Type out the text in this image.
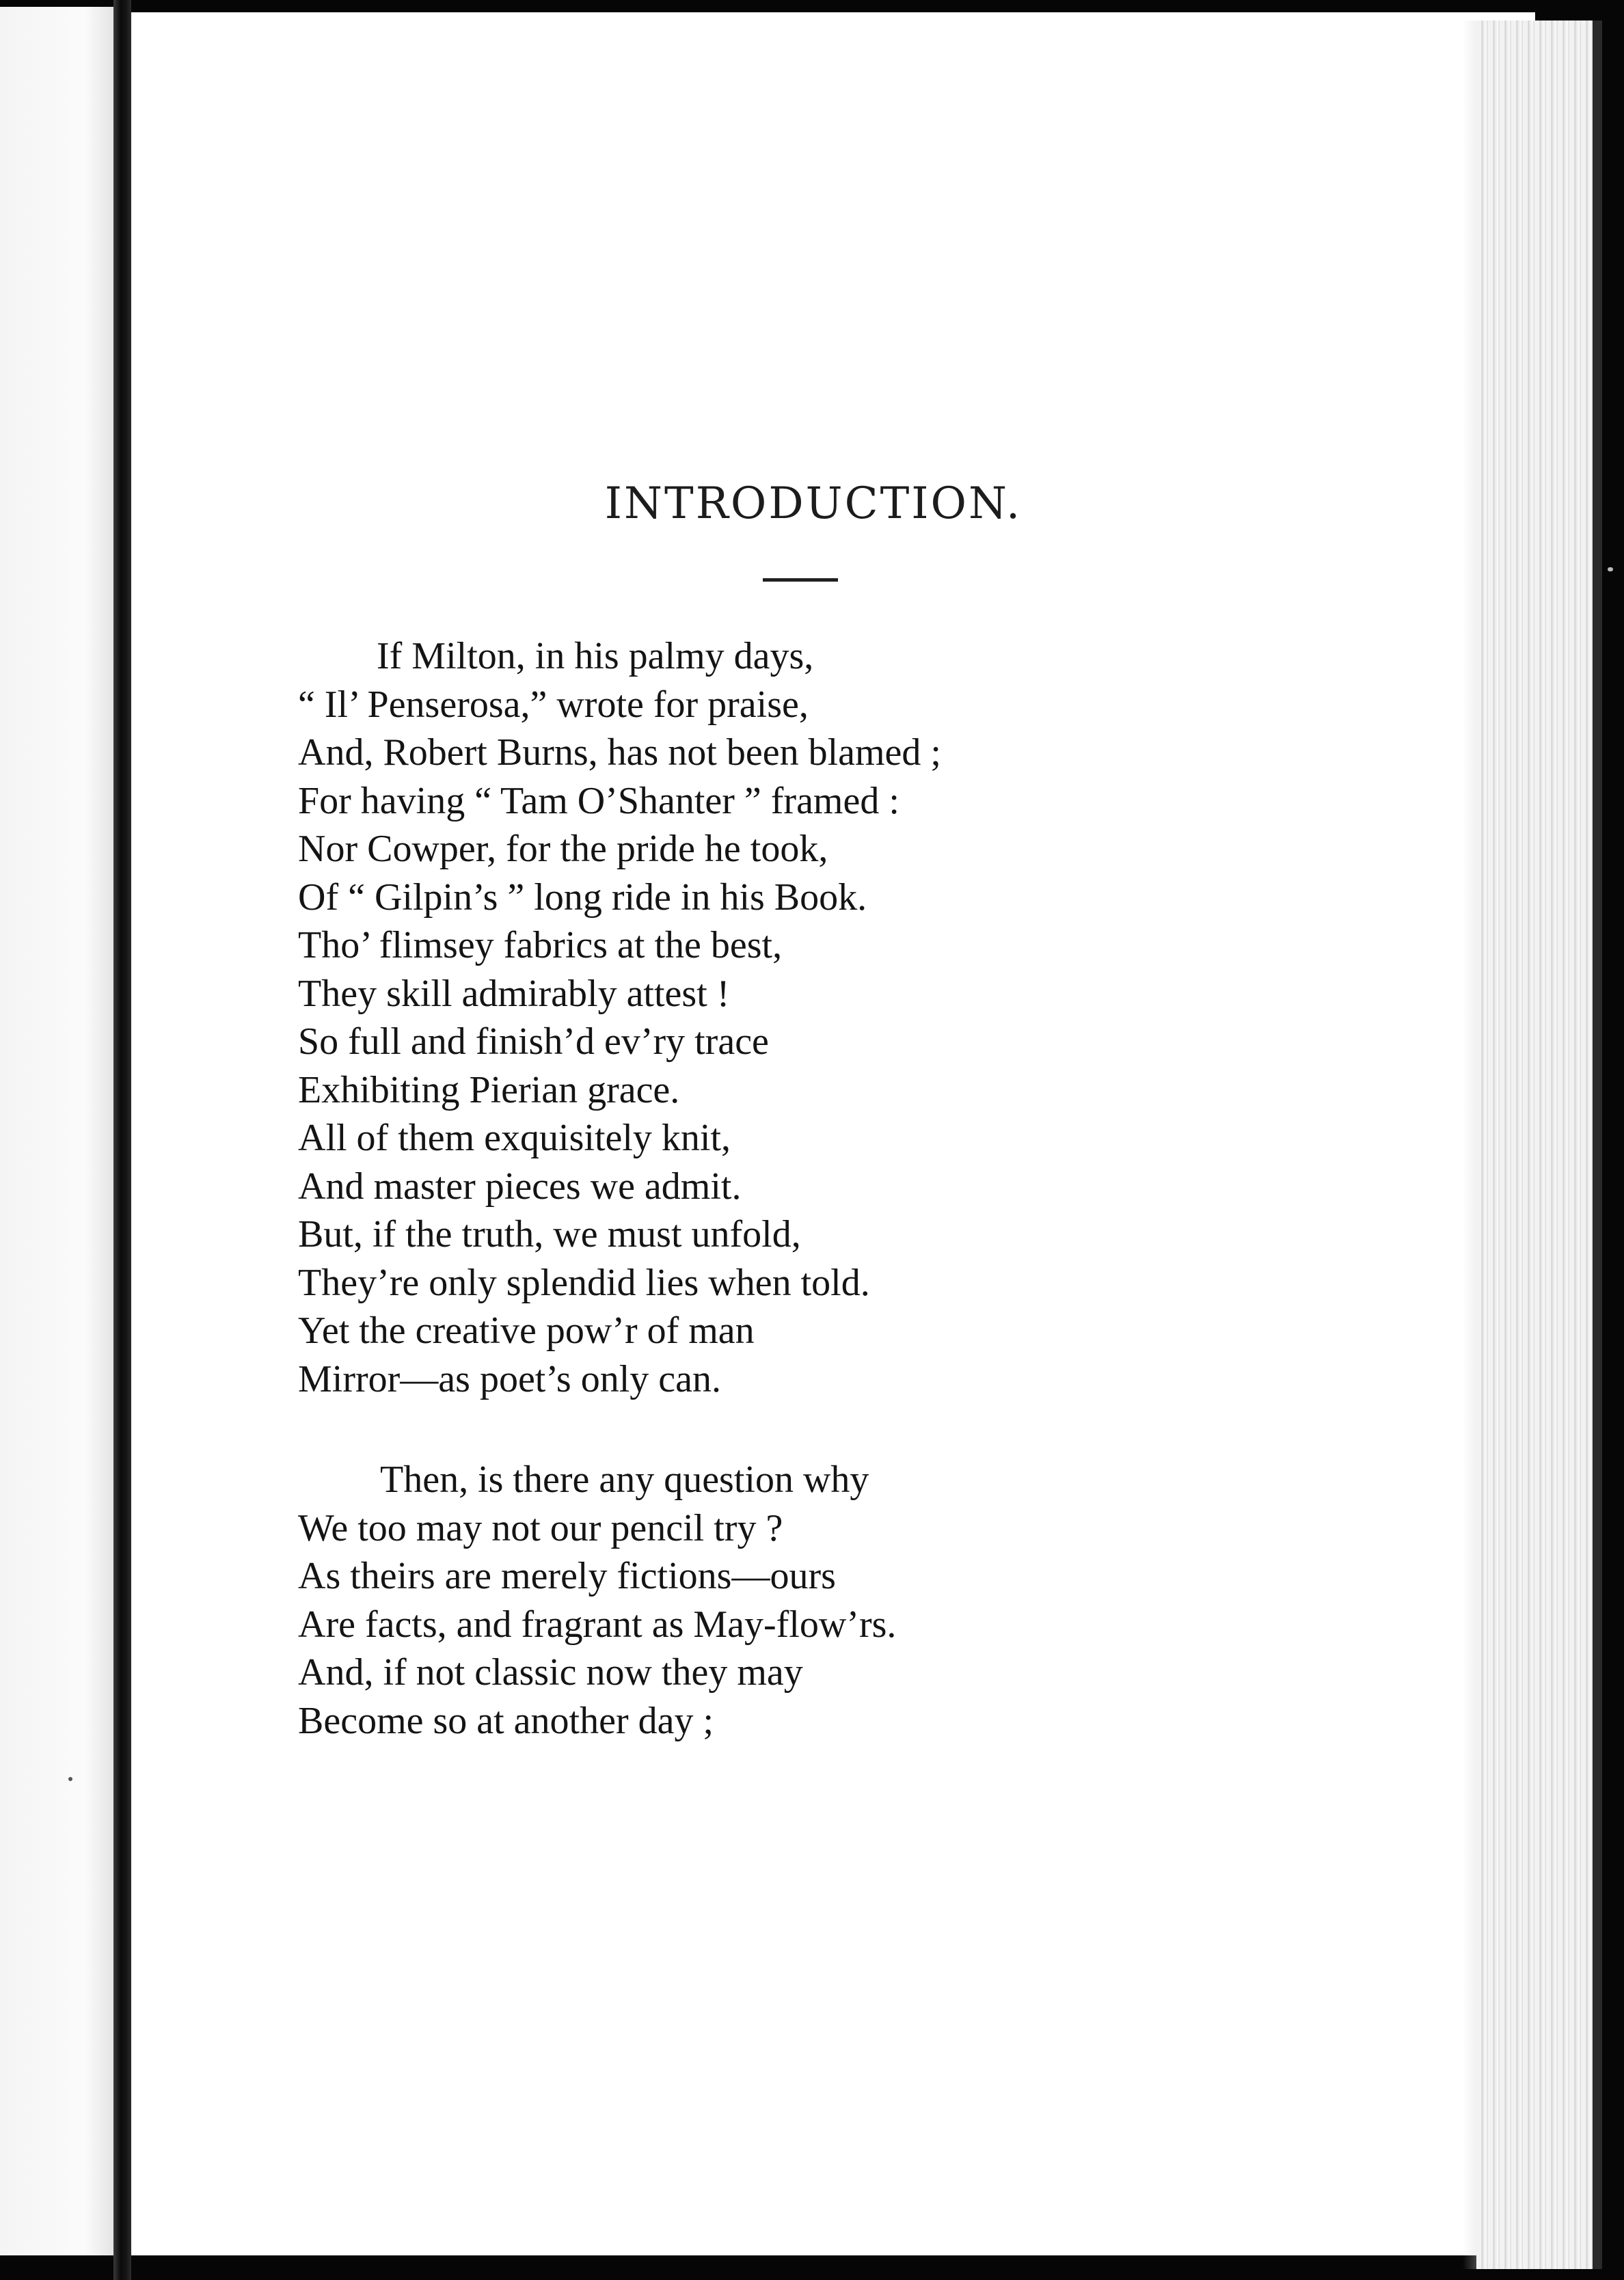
INTRODUCTION.
If Milton, in his palmy days,
“ Il’ Penserosa,” wrote for praise,
And, Robert Burns, has not been blamed ;
For having “ Tam O’Shanter ” framed :
Nor Cowper, for the pride he took,
Of “ Gilpin’s ” long ride in his Book.
Tho’ flimsey fabrics at the best,
They skill admirably attest !
So full and finish’d ev’ry trace
Exhibiting Pierian grace.
All of them exquisitely knit,
And master pieces we admit.
But, if the truth, we must unfold,
They’re only splendid lies when told.
Yet the creative pow’r of man
Mirror—as poet’s only can.
Then, is there any question why
We too may not our pencil try ?
As theirs are merely fictions—ours
Are facts, and fragrant as May-flow’rs.
And, if not classic now they may
Become so at another day ;
